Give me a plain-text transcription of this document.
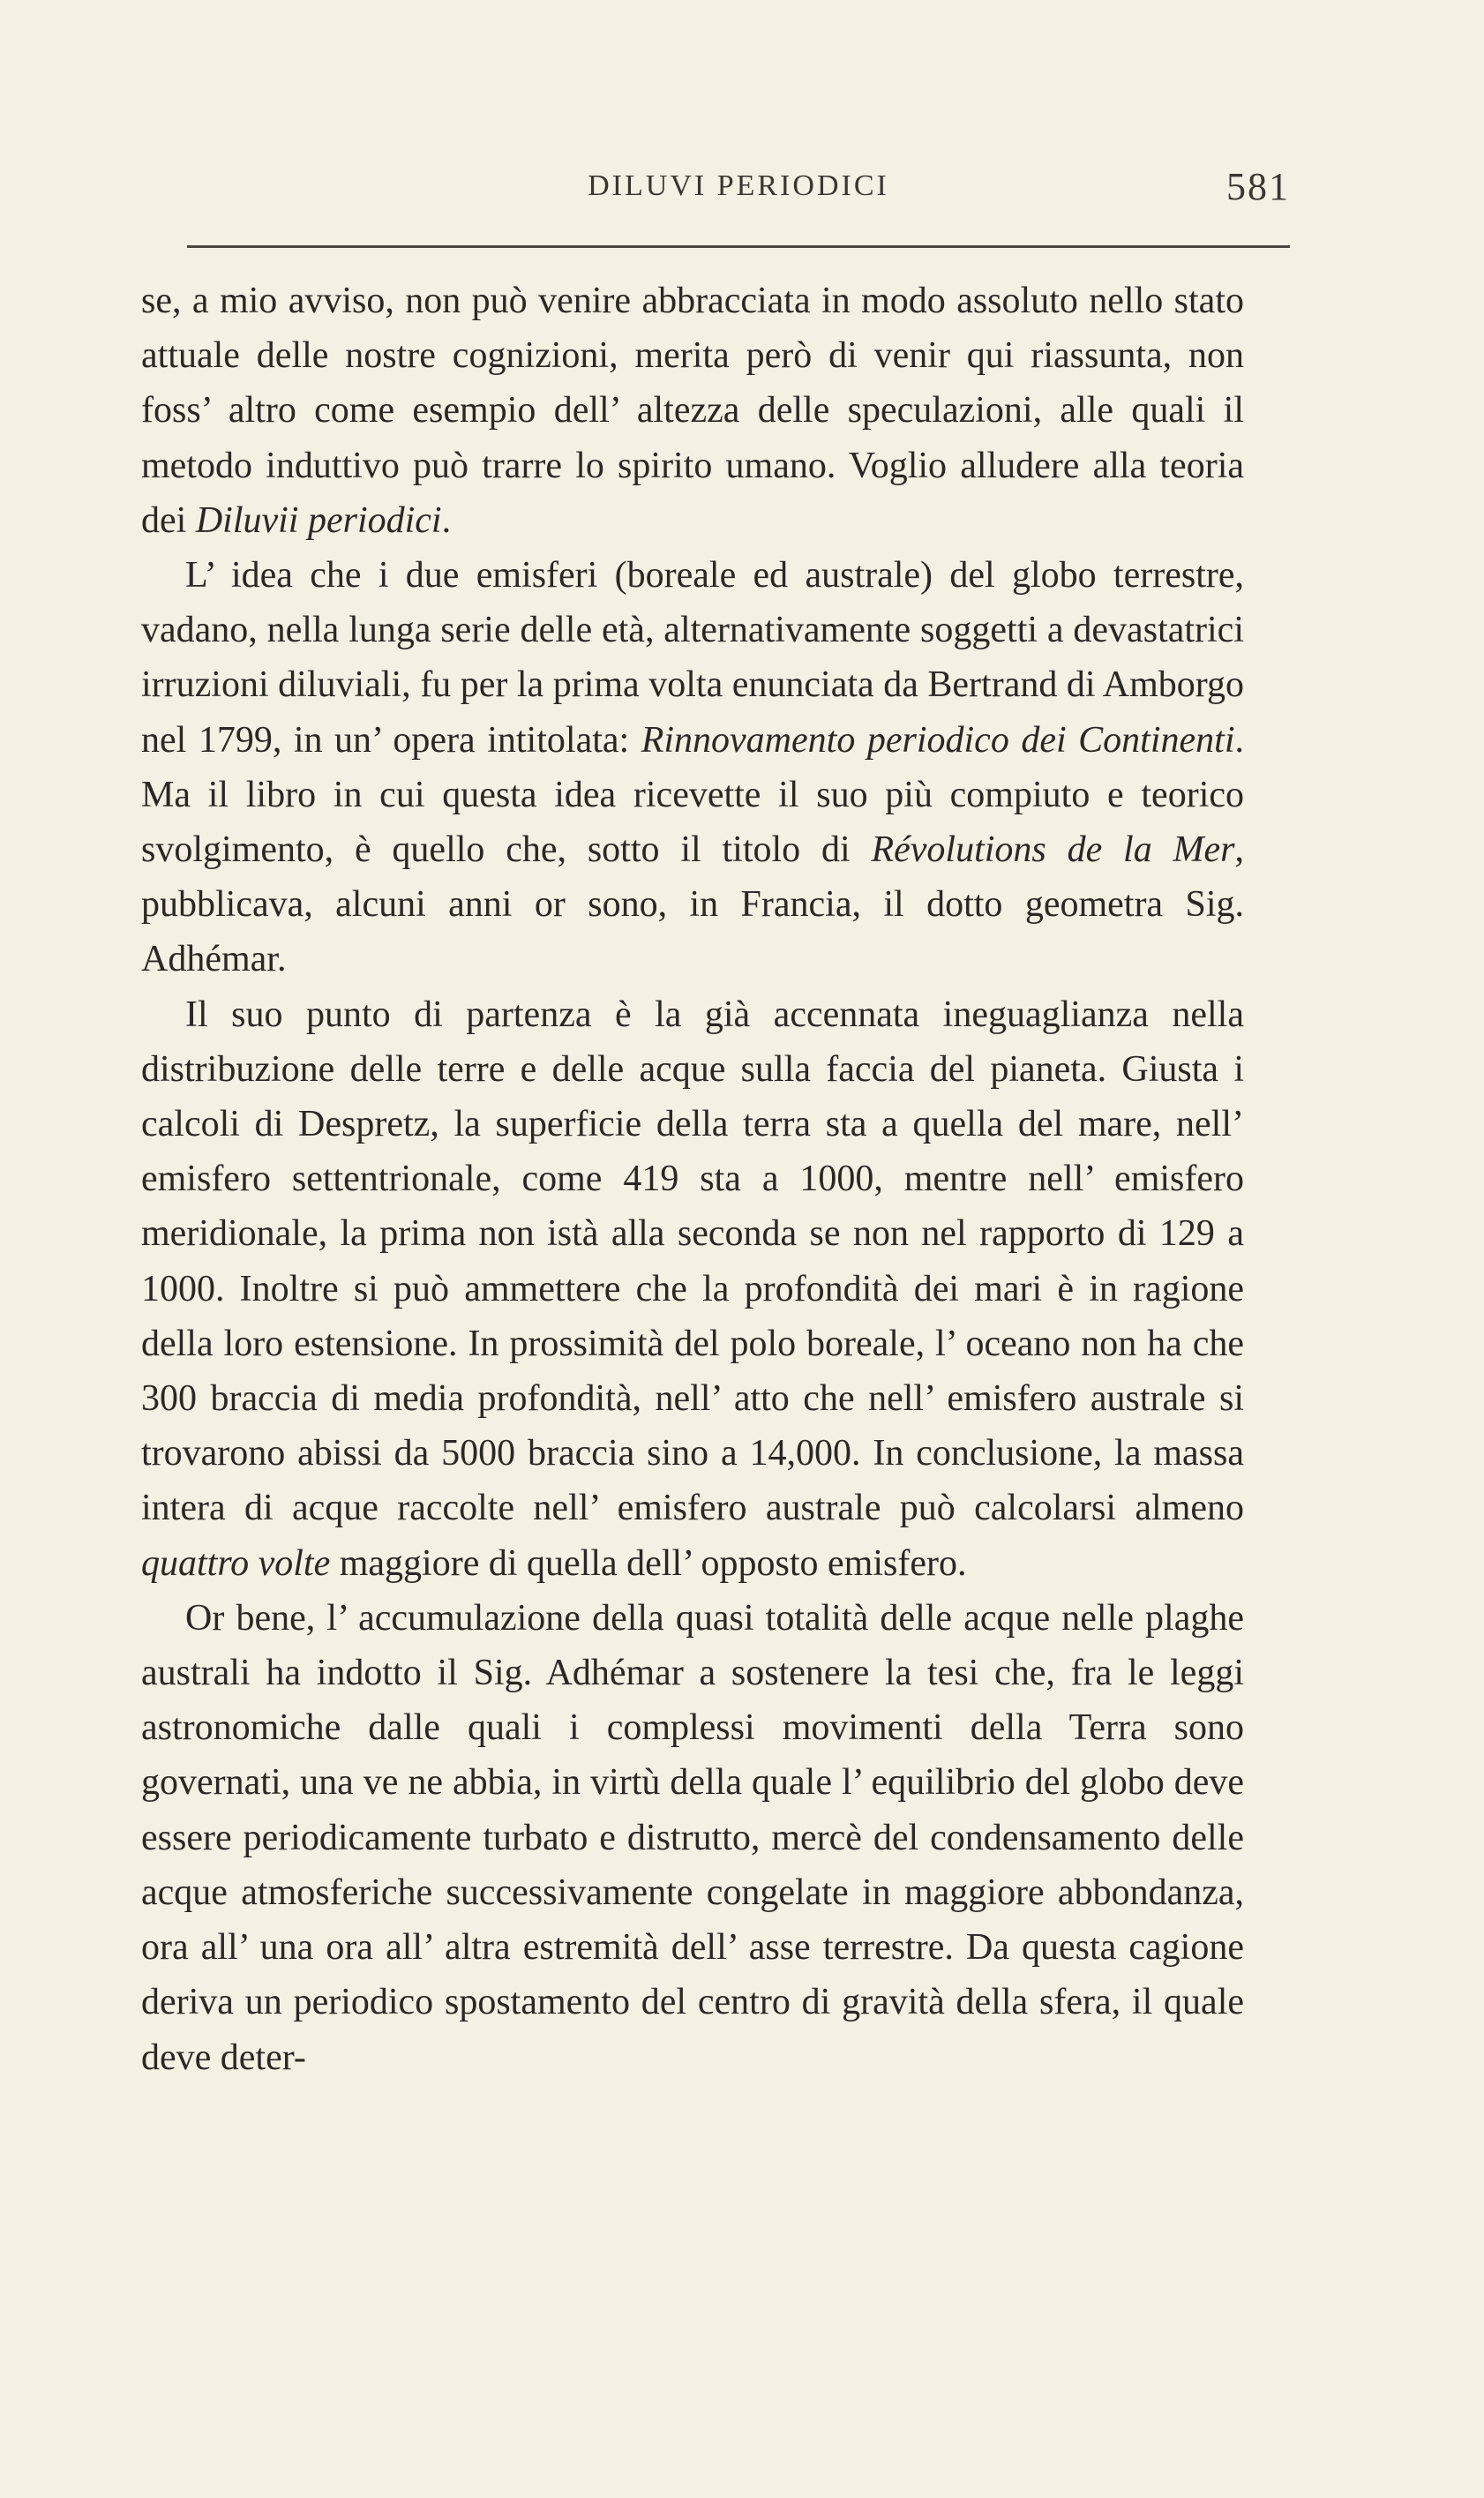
DILUVI PERIODICI	581

se, a mio avviso, non può venire abbracciata in modo assoluto nello stato attuale delle nostre cognizioni, merita però di venir qui riassunta, non foss’ altro come esempio dell’ altezza delle speculazioni, alle quali il metodo induttivo può trarre lo spirito umano. Voglio alludere alla teoria dei Diluvii periodici.

L’ idea che i due emisferi (boreale ed australe) del globo terrestre, vadano, nella lunga serie delle età, alternativamente soggetti a devastatrici irruzioni diluviali, fu per la prima volta enunciata da Bertrand di Amborgo nel 1799, in un’ opera intitolata: Rinnovamento periodico dei Continenti. Ma il libro in cui questa idea ricevette il suo più compiuto e teorico svolgimento, è quello che, sotto il titolo di Révolutions de la Mer, pubblicava, alcuni anni or sono, in Francia, il dotto geometra Sig. Adhémar.

Il suo punto di partenza è la già accennata ineguaglianza nella distribuzione delle terre e delle acque sulla faccia del pianeta. Giusta i calcoli di Despretz, la superficie della terra sta a quella del mare, nell’ emisfero settentrionale, come 419 sta a 1000, mentre nell’ emisfero meridionale, la prima non istà alla seconda se non nel rapporto di 129 a 1000. Inoltre si può ammettere che la profondità dei mari è in ragione della loro estensione. In prossimità del polo boreale, l’ oceano non ha che 300 braccia di media profondità, nell’ atto che nell’ emisfero australe si trovarono abissi da 5000 braccia sino a 14,000. In conclusione, la massa intera di acque raccolte nell’ emisfero australe può calcolarsi almeno quattro volte maggiore di quella dell’ opposto emisfero.

Or bene, l’ accumulazione della quasi totalità delle acque nelle plaghe australi ha indotto il Sig. Adhémar a sostenere la tesi che, fra le leggi astronomiche dalle quali i complessi movimenti della Terra sono governati, una ve ne abbia, in virtù della quale l’ equilibrio del globo deve essere periodicamente turbato e distrutto, mercè del condensamento delle acque atmosferiche successivamente congelate in maggiore abbondanza, ora all’ una ora all’ altra estremità dell’ asse terrestre. Da questa cagione deriva un periodico spostamento del centro di gravità della sfera, il quale deve deter-
